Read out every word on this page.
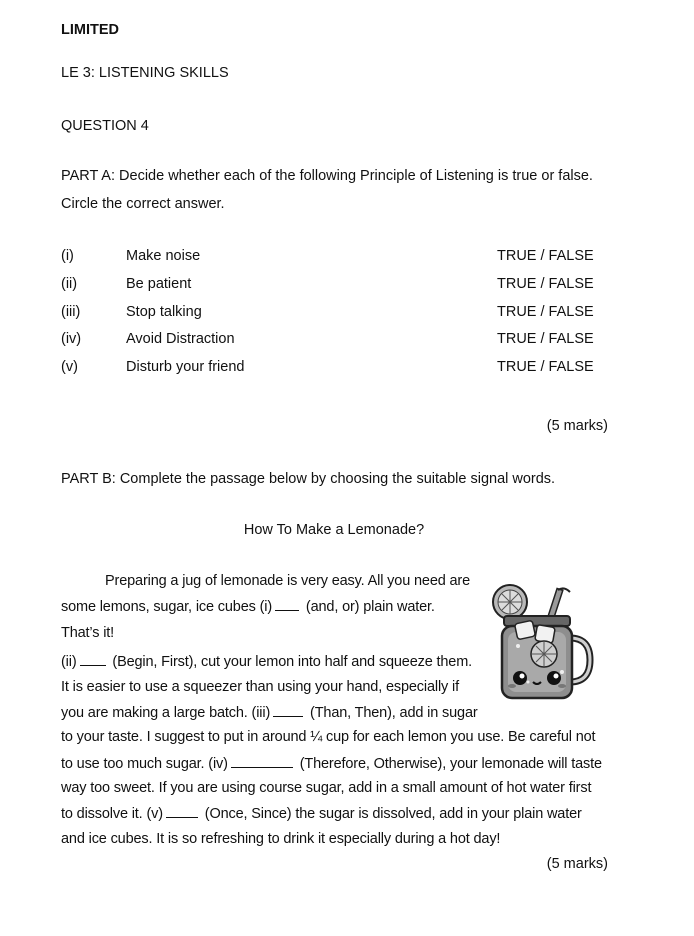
LIMITED
LE 3: LISTENING SKILLS
QUESTION 4
PART A: Decide whether each of the following Principle of Listening is true or false.
Circle the correct answer.
(i)	Make noise	TRUE / FALSE
(ii)	Be patient	TRUE / FALSE
(iii)	Stop talking	TRUE / FALSE
(iv)	Avoid Distraction	TRUE / FALSE
(v)	Disturb your friend	TRUE / FALSE
(5 marks)
PART B: Complete the passage below by choosing the suitable signal words.
How To Make a Lemonade?
Preparing a jug of lemonade is very easy. All you need are
some lemons, sugar, ice cubes (i) (and, or) plain water.
That’s it!
(ii) (Begin, First), cut your lemon into half and squeeze them.
It is easier to use a squeezer than using your hand, especially if
you are making a large batch. (iii) (Than, Then), add in sugar
to your taste. I suggest to put in around ¼ cup for each lemon you use. Be careful not
to use too much sugar. (iv)	(Therefore, Otherwise), your lemonade will taste
way too sweet. If you are using course sugar, add in a small amount of hot water first
to dissolve it. (v)	(Once, Since) the sugar is dissolved, add in your plain water
and ice cubes. It is so refreshing to drink it especially during a hot day!
(5 marks)
